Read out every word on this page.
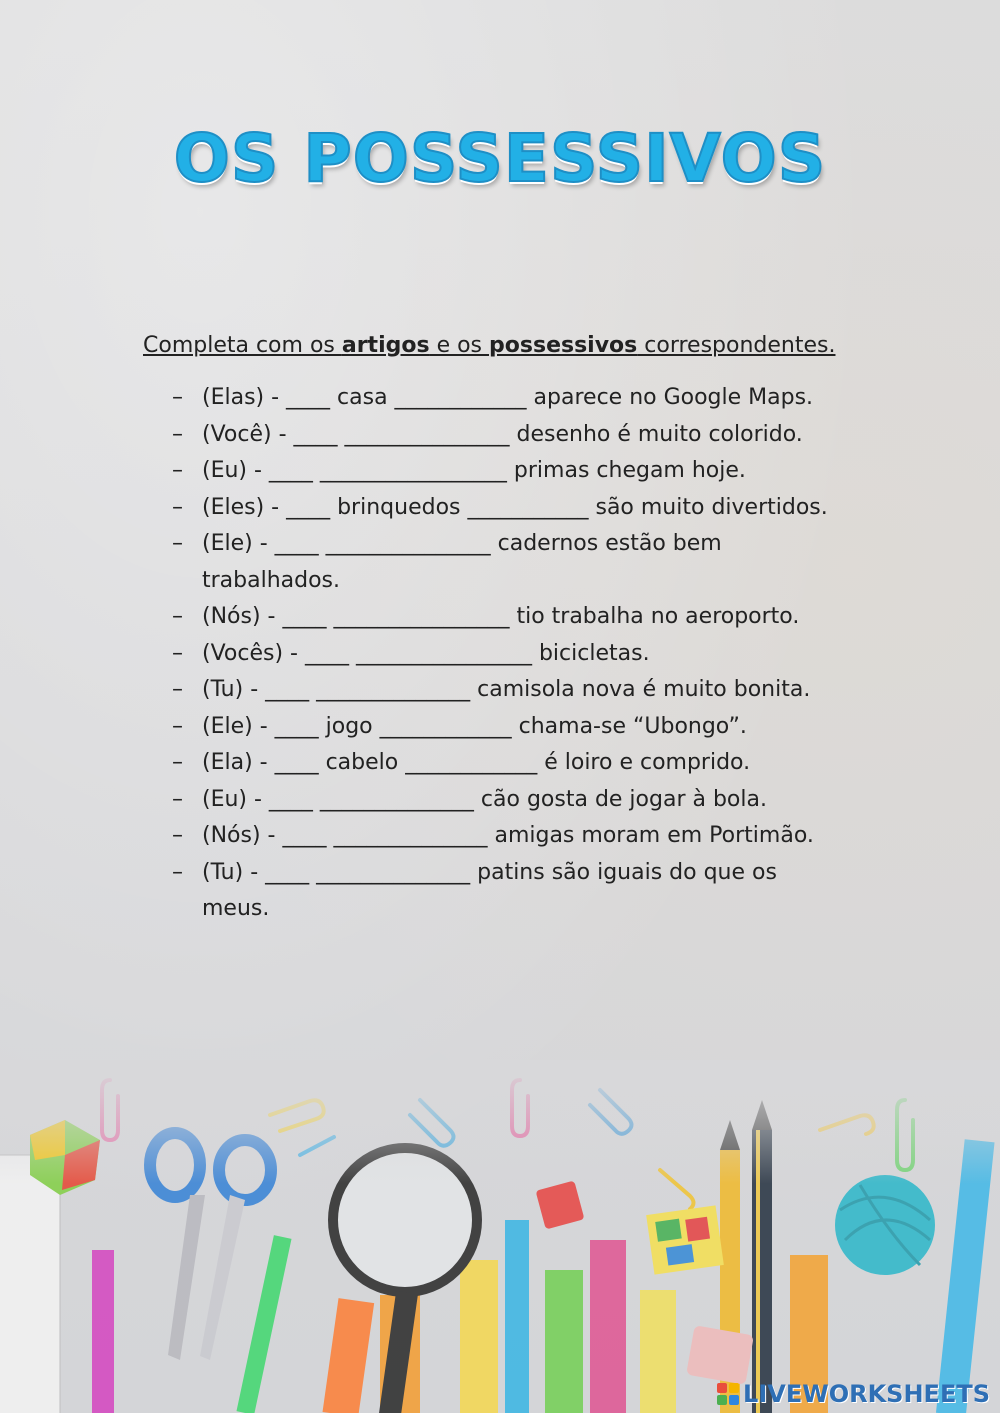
OS POSSESSIVOS
Completa com os artigos e os possessivos correspondentes.
– (Elas) - ____ casa ____________ aparece no Google Maps.
– (Você) - ____ _______________ desenho é muito colorido.
– (Eu) - ____ _________________ primas chegam hoje.
– (Eles) - ____ brinquedos ___________ são muito divertidos.
– (Ele) - ____ _______________ cadernos estão bem
trabalhados.
– (Nós) - ____ ________________ tio trabalha no aeroporto.
– (Vocês) - ____ ________________ bicicletas.
– (Tu) - ____ ______________ camisola nova é muito bonita.
– (Ele) - ____ jogo ____________ chama-se “Ubongo”.
– (Ela) - ____ cabelo ____________ é loiro e comprido.
– (Eu) - ____ ______________ cão gosta de jogar à bola.
– (Nós) - ____ ______________ amigas moram em Portimão.
– (Tu) - ____ ______________ patins são iguais do que os
meus.
LIVEWORKSHEETS
